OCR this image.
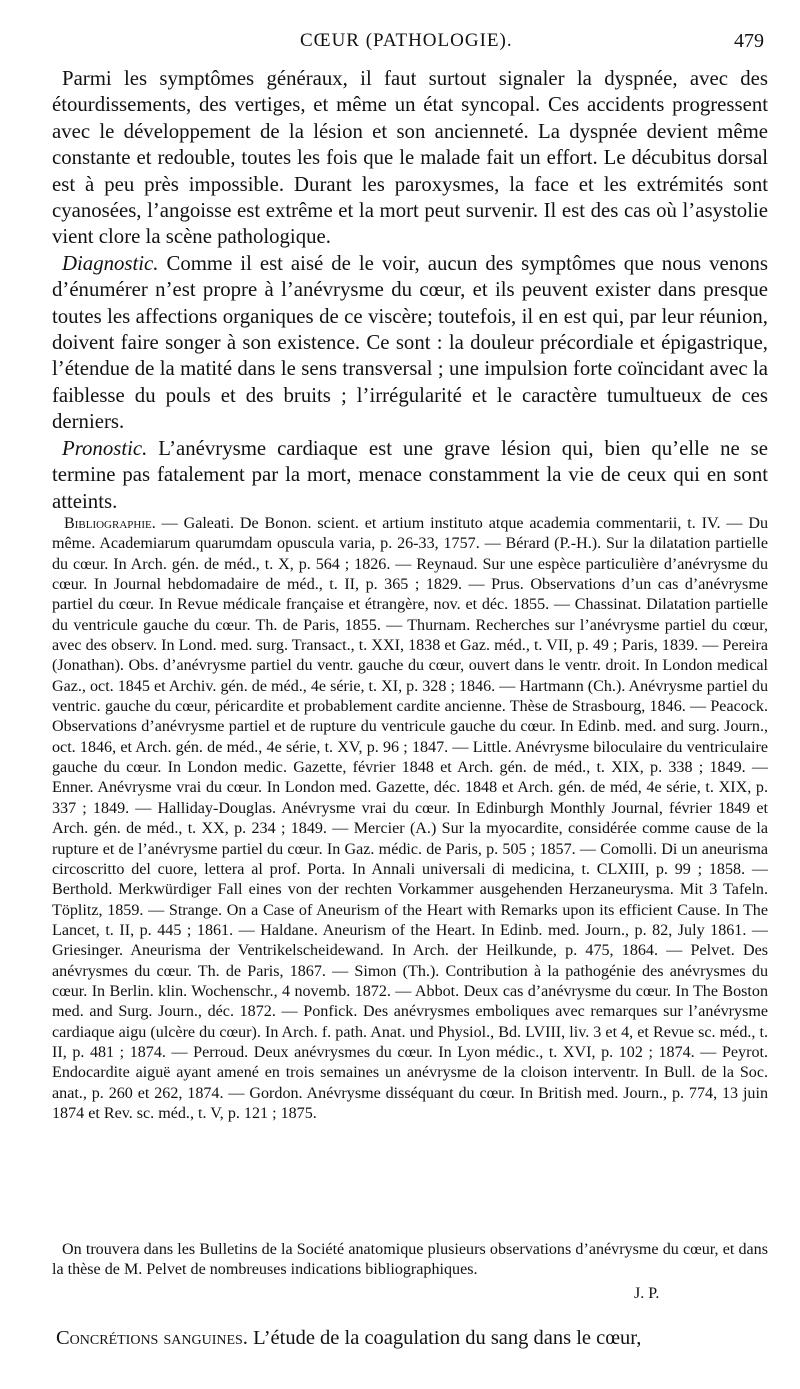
CŒUR (PATHOLOGIE).	479

Parmi les symptômes généraux, il faut surtout signaler la dyspnée, avec des étourdissements, des vertiges, et même un état syncopal. Ces accidents progressent avec le développement de la lésion et son ancienneté. La dyspnée devient même constante et redouble, toutes les fois que le malade fait un effort. Le décubitus dorsal est à peu près impossible. Durant les paroxysmes, la face et les extrémités sont cyanosées, l’angoisse est extrême et la mort peut survenir. Il est des cas où l’asystolie vient clore la scène pathologique.

Diagnostic. Comme il est aisé de le voir, aucun des symptômes que nous venons d’énumérer n’est propre à l’anévrysme du cœur, et ils peuvent exister dans presque toutes les affections organiques de ce viscère; toutefois, il en est qui, par leur réunion, doivent faire songer à son existence. Ce sont : la douleur précordiale et épigastrique, l’étendue de la matité dans le sens transversal ; une impulsion forte coïncidant avec la faiblesse du pouls et des bruits ; l’irrégularité et le caractère tumultueux de ces derniers.

Pronostic. L’anévrysme cardiaque est une grave lésion qui, bien qu’elle ne se termine pas fatalement par la mort, menace constamment la vie de ceux qui en sont atteints.

Bibliographie. — Galeati. De Bonon. scient. et artium instituto atque academia commentarii, t. IV. — Du même. Academiarum quarumdam opuscula varia, p. 26-33, 1757. — Bérard (P.-H.). Sur la dilatation partielle du cœur. In Arch. gén. de méd., t. X, p. 564 ; 1826. — Reynaud. Sur une espèce particulière d’anévrysme du cœur. In Journal hebdomadaire de méd., t. II, p. 365 ; 1829. — Prus. Observations d’un cas d’anévrysme partiel du cœur. In Revue médicale française et étrangère, nov. et déc. 1855. — Chassinat. Dilatation partielle du ventricule gauche du cœur. Th. de Paris, 1855. — Thurnam. Recherches sur l’anévrysme partiel du cœur, avec des observ. In Lond. med. surg. Transact., t. XXI, 1838 et Gaz. méd., t. VII, p. 49 ; Paris, 1839. — Pereira (Jonathan). Obs. d’anévrysme partiel du ventr. gauche du cœur, ouvert dans le ventr. droit. In London medical Gaz., oct. 1845 et Archiv. gén. de méd., 4e série, t. XI, p. 328 ; 1846. — Hartmann (Ch.). Anévrysme partiel du ventric. gauche du cœur, péricardite et probablement cardite ancienne. Thèse de Strasbourg, 1846. — Peacock. Observations d’anévrysme partiel et de rupture du ventricule gauche du cœur. In Edinb. med. and surg. Journ., oct. 1846, et Arch. gén. de méd., 4e série, t. XV, p. 96 ; 1847. — Little. Anévrysme biloculaire du ventriculaire gauche du cœur. In London medic. Gazette, février 1848 et Arch. gén. de méd., t. XIX, p. 338 ; 1849. — Enner. Anévrysme vrai du cœur. In London med. Gazette, déc. 1848 et Arch. gén. de méd, 4e série, t. XIX, p. 337 ; 1849. — Halliday-Douglas. Anévrysme vrai du cœur. In Edinburgh Monthly Journal, février 1849 et Arch. gén. de méd., t. XX, p. 234 ; 1849. — Mercier (A.) Sur la myocardite, considérée comme cause de la rupture et de l’anévrysme partiel du cœur. In Gaz. médic. de Paris, p. 505 ; 1857. — Comolli. Di un aneurisma circoscritto del cuore, lettera al prof. Porta. In Annali universali di medicina, t. CLXIII, p. 99 ; 1858. — Berthold. Merkwürdiger Fall eines von der rechten Vorkammer ausgehenden Herzaneurysma. Mit 3 Tafeln. Töplitz, 1859. — Strange. On a Case of Aneurism of the Heart with Remarks upon its efficient Cause. In The Lancet, t. II, p. 445 ; 1861. — Haldane. Aneurism of the Heart. In Edinb. med. Journ., p. 82, July 1861. — Griesinger. Aneurisma der Ventrikelscheidewand. In Arch. der Heilkunde, p. 475, 1864. — Pelvet. Des anévrysmes du cœur. Th. de Paris, 1867. — Simon (Th.). Contribution à la pathogénie des anévrysmes du cœur. In Berlin. klin. Wochenschr., 4 novemb. 1872. — Abbot. Deux cas d’anévrysme du cœur. In The Boston med. and Surg. Journ., déc. 1872. — Ponfick. Des anévrysmes emboliques avec remarques sur l’anévrysme cardiaque aigu (ulcère du cœur). In Arch. f. path. Anat. und Physiol., Bd. LVIII, liv. 3 et 4, et Revue sc. méd., t. II, p. 481 ; 1874. — Perroud. Deux anévrysmes du cœur. In Lyon médic., t. XVI, p. 102 ; 1874. — Peyrot. Endocardite aiguë ayant amené en trois semaines un anévrysme de la cloison interventr. In Bull. de la Soc. anat., p. 260 et 262, 1874. — Gordon. Anévrysme disséquant du cœur. In British med. Journ., p. 774, 13 juin 1874 et Rev. sc. méd., t. V, p. 121 ; 1875.

On trouvera dans les Bulletins de la Société anatomique plusieurs observations d’anévrysme du cœur, et dans la thèse de M. Pelvet de nombreuses indications bibliographiques.

J. P.
Concrétions sanguines. L’étude de la coagulation du sang dans le cœur,
